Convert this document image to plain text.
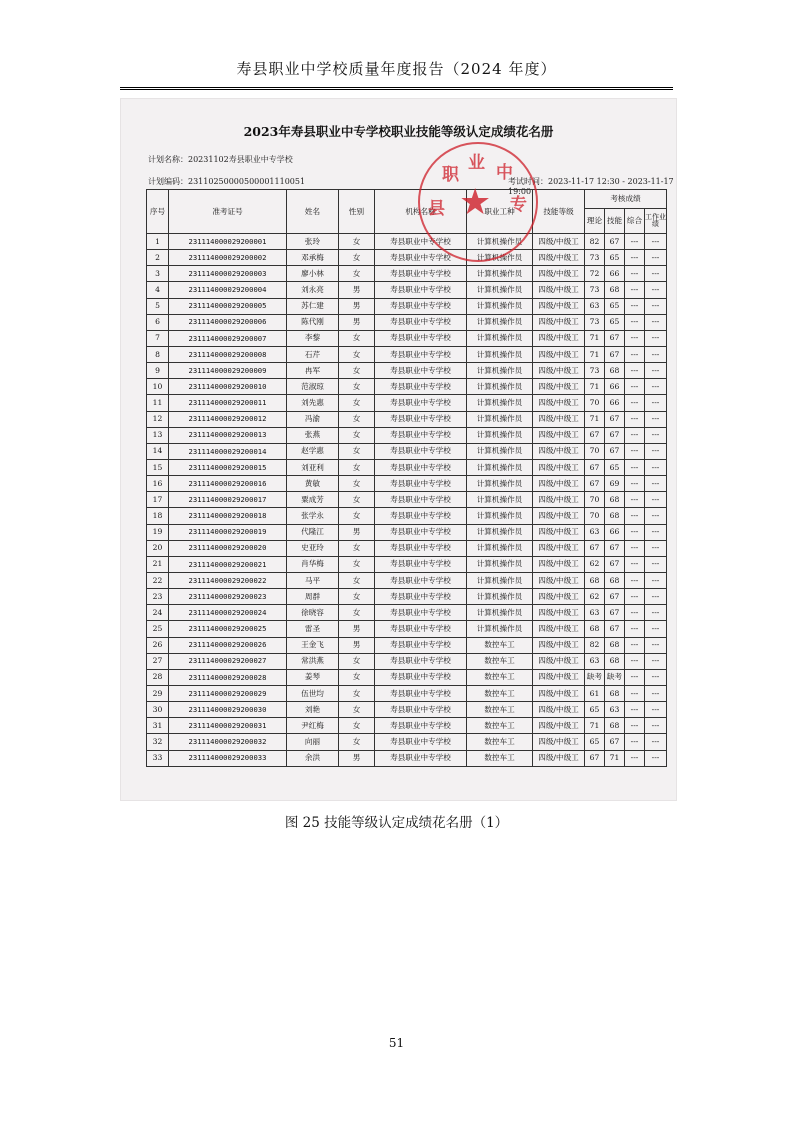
寿县职业中学校质量年度报告（2024 年度）
2023年寿县职业中专学校职业技能等级认定成绩花名册
计划名称：20231102寿县职业中专学校
计划编码：2311025000050000111005​1	考试时间：2023-11-17 12:30 - 2023-11-17 19:00
序号	准考证号	姓名	性别	机构名称	职业工种	技能等级	考核成绩			
							理论	技能	综合	工作业绩
1	231114000029200001	张玲	女	寿县职业中专学校	计算机操作员	四级/中级工	82	67	---	---
2	231114000029200002	邓承梅	女	寿县职业中专学校	计算机操作员	四级/中级工	73	65	---	---
3	231114000029200003	廖小林	女	寿县职业中专学校	计算机操作员	四级/中级工	72	66	---	---
4	231114000029200004	刘永亮	男	寿县职业中专学校	计算机操作员	四级/中级工	73	68	---	---
5	231114000029200005	苏仁建	男	寿县职业中专学校	计算机操作员	四级/中级工	63	65	---	---
6	231114000029200006	陈代刚	男	寿县职业中专学校	计算机操作员	四级/中级工	73	65	---	---
7	231114000029200007	李黎	女	寿县职业中专学校	计算机操作员	四级/中级工	71	67	---	---
8	231114000029200008	石芹	女	寿县职业中专学校	计算机操作员	四级/中级工	71	67	---	---
9	231114000029200009	冉军	女	寿县职业中专学校	计算机操作员	四级/中级工	73	68	---	---
10	231114000029200010	范淑琼	女	寿县职业中专学校	计算机操作员	四级/中级工	71	66	---	---
11	231114000029200011	刘先惠	女	寿县职业中专学校	计算机操作员	四级/中级工	70	66	---	---
12	231114000029200012	冯渝	女	寿县职业中专学校	计算机操作员	四级/中级工	71	67	---	---
13	231114000029200013	张燕	女	寿县职业中专学校	计算机操作员	四级/中级工	67	67	---	---
14	231114000029200014	赵学惠	女	寿县职业中专学校	计算机操作员	四级/中级工	70	67	---	---
15	231114000029200015	刘亚利	女	寿县职业中专学校	计算机操作员	四级/中级工	67	65	---	---
16	231114000029200016	黄敏	女	寿县职业中专学校	计算机操作员	四级/中级工	67	69	---	---
17	231114000029200017	粟成芳	女	寿县职业中专学校	计算机操作员	四级/中级工	70	68	---	---
18	231114000029200018	张学永	女	寿县职业中专学校	计算机操作员	四级/中级工	70	68	---	---
19	231114000029200019	代隆江	男	寿县职业中专学校	计算机操作员	四级/中级工	63	66	---	---
20	231114000029200020	史亚玲	女	寿县职业中专学校	计算机操作员	四级/中级工	67	67	---	---
21	231114000029200021	肖华梅	女	寿县职业中专学校	计算机操作员	四级/中级工	62	67	---	---
22	231114000029200022	马平	女	寿县职业中专学校	计算机操作员	四级/中级工	68	68	---	---
23	231114000029200023	周群	女	寿县职业中专学校	计算机操作员	四级/中级工	62	67	---	---
24	231114000029200024	徐晓容	女	寿县职业中专学校	计算机操作员	四级/中级工	63	67	---	---
25	231114000029200025	雷圣	男	寿县职业中专学校	计算机操作员	四级/中级工	68	67	---	---
26	231114000029200026	王金飞	男	寿县职业中专学校	数控车工	四级/中级工	82	68	---	---
27	231114000029200027	常洪燕	女	寿县职业中专学校	数控车工	四级/中级工	63	68	---	---
28	231114000029200028	姜琴	女	寿县职业中专学校	数控车工	四级/中级工	缺考	缺考	---	---
29	231114000029200029	伍世均	女	寿县职业中专学校	数控车工	四级/中级工	61	68	---	---
30	231114000029200030	刘艳	女	寿县职业中专学校	数控车工	四级/中级工	65	63	---	---
31	231114000029200031	尹红梅	女	寿县职业中专学校	数控车工	四级/中级工	71	68	---	---
32	231114000029200032	向丽	女	寿县职业中专学校	数控车工	四级/中级工	65	67	---	---
33	231114000029200033	余洪	男	寿县职业中专学校	数控车工	四级/中级工	67	71	---	---
★
县
职
业 中
专
图 25 技能等级认定成绩花名册（1）
51
